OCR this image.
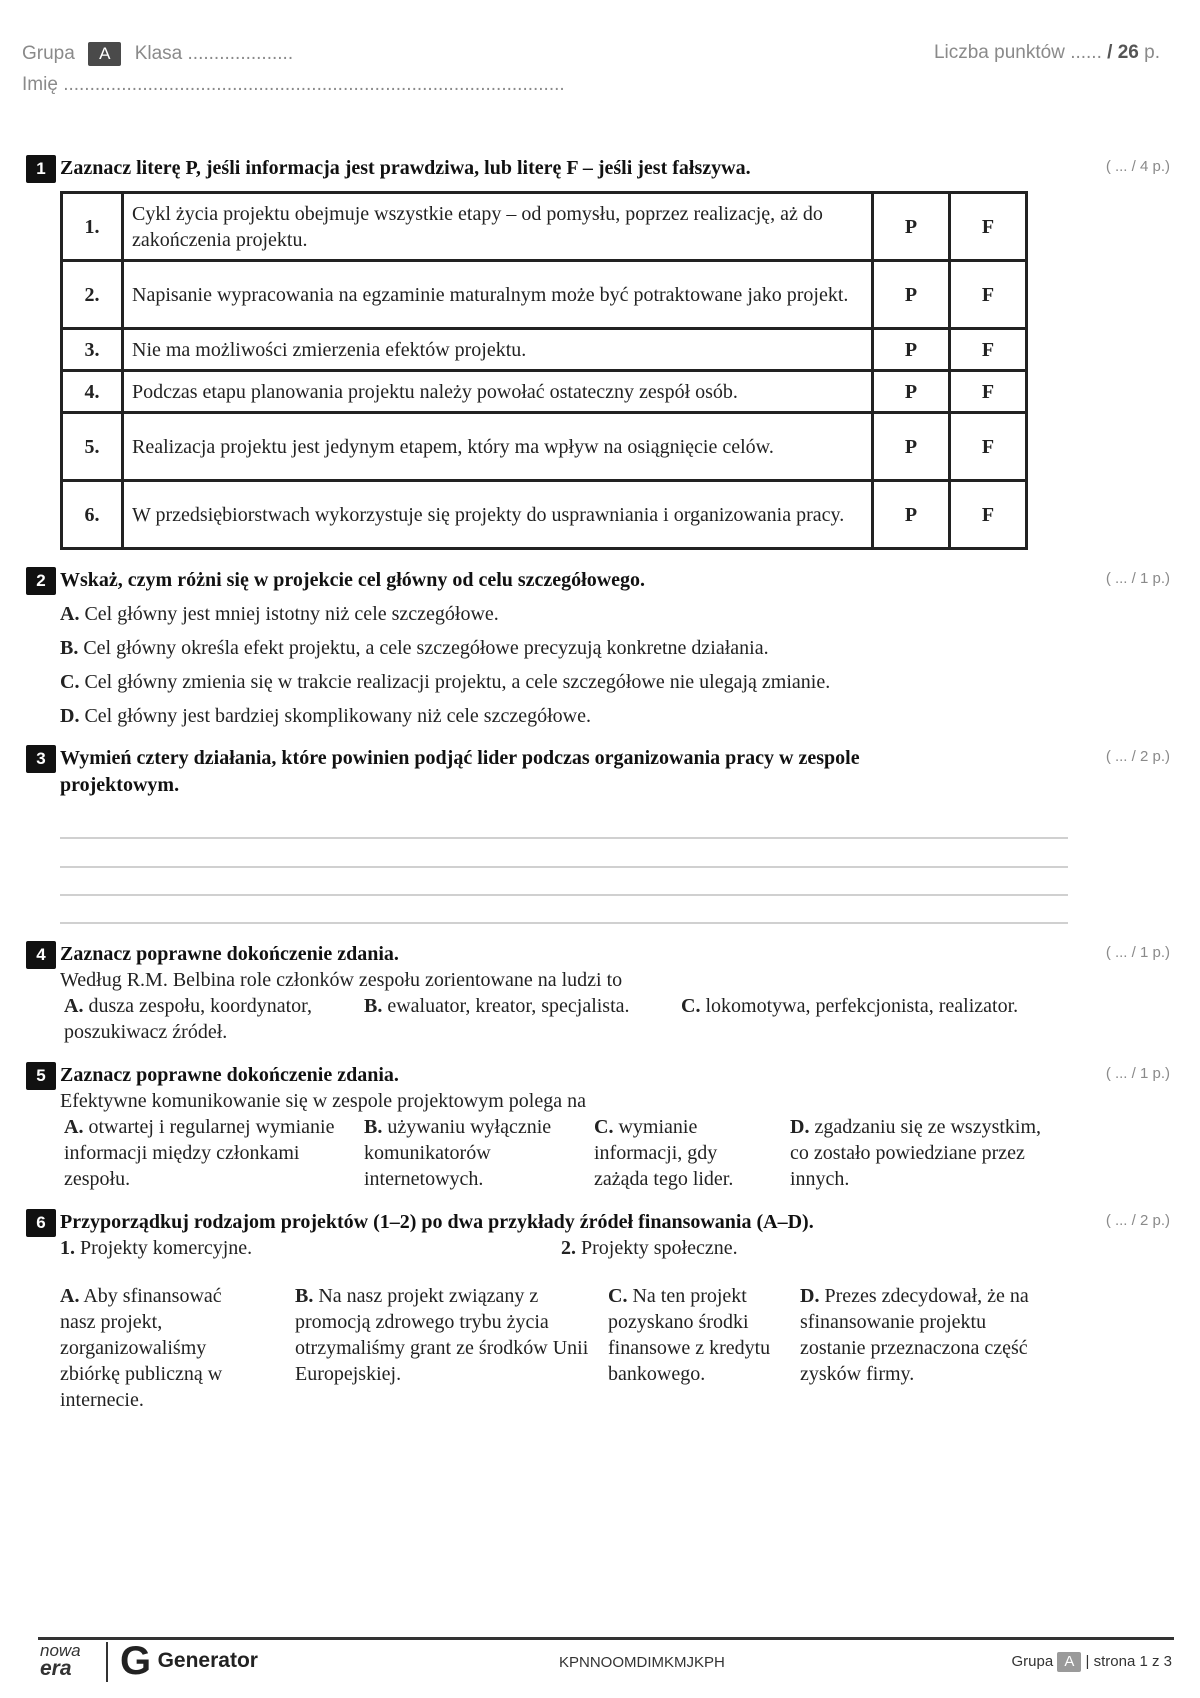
Grupa A Klasa ....................
Imię ...............................................................................................
Liczba punktów ...... / 26 p.
1 Zaznacz literę P, jeśli informacja jest prawdziwa, lub literę F – jeśli jest fałszywa.	( ... / 4 p.)
1.	Cykl życia projektu obejmuje wszystkie etapy – od pomysłu, poprzez realizację, aż do zakończenia projektu.	P	F
2.	Napisanie wypracowania na egzaminie maturalnym może być potraktowane jako projekt.	P	F
3.	Nie ma możliwości zmierzenia efektów projektu.	P	F
4.	Podczas etapu planowania projektu należy powołać ostateczny zespół osób.	P	F
5.	Realizacja projektu jest jedynym etapem, który ma wpływ na osiągnięcie celów.	P	F
6.	W przedsiębiorstwach wykorzystuje się projekty do usprawniania i organizowania pracy.	P	F
2 Wskaż, czym różni się w projekcie cel główny od celu szczegółowego.	( ... / 1 p.)
A. Cel główny jest mniej istotny niż cele szczegółowe.
B. Cel główny określa efekt projektu, a cele szczegółowe precyzują konkretne działania.
C. Cel główny zmienia się w trakcie realizacji projektu, a cele szczegółowe nie ulegają zmianie.
D. Cel główny jest bardziej skomplikowany niż cele szczegółowe.
3 Wymień cztery działania, które powinien podjąć lider podczas organizowania pracy w zespole
projektowym.
( ... / 2 p.)
4 Zaznacz poprawne dokończenie zdania.	( ... / 1 p.)
Według R.M. Belbina role członków zespołu zorientowane na ludzi to
A. dusza zespołu, koordynator,	B. ewaluator, kreator, specjalista.	C. lokomotywa, perfekcjonista, realizator.
poszukiwacz źródeł.
5 Zaznacz poprawne dokończenie zdania.	( ... / 1 p.)
Efektywne komunikowanie się w zespole projektowym polega na
A. otwartej i regularnej wymianie informacji między członkami zespołu.
B. używaniu wyłącznie komunikatorów internetowych.
C. wymianie informacji, gdy zażąda tego lider.
D. zgadzaniu się ze wszystkim, co zostało powiedziane przez innych.
6 Przyporządkuj rodzajom projektów (1–2) po dwa przykłady źródeł finansowania (A–D).	( ... / 2 p.)
1. Projekty komercyjne.	2. Projekty społeczne.
A. Aby sfinansować nasz projekt, zorganizowaliśmy zbiórkę publiczną w internecie.
B. Na nasz projekt związany z promocją zdrowego trybu życia otrzymaliśmy grant ze środków Unii Europejskiej.
C. Na ten projekt pozyskano środki finansowe z kredytu bankowego.
D. Prezes zdecydował, że na sfinansowanie projektu zostanie przeznaczona część zysków firmy.
nowa
era	G Generator	KPNNOOMDIMKMJKPH	Grupa A | strona 1 z 3
